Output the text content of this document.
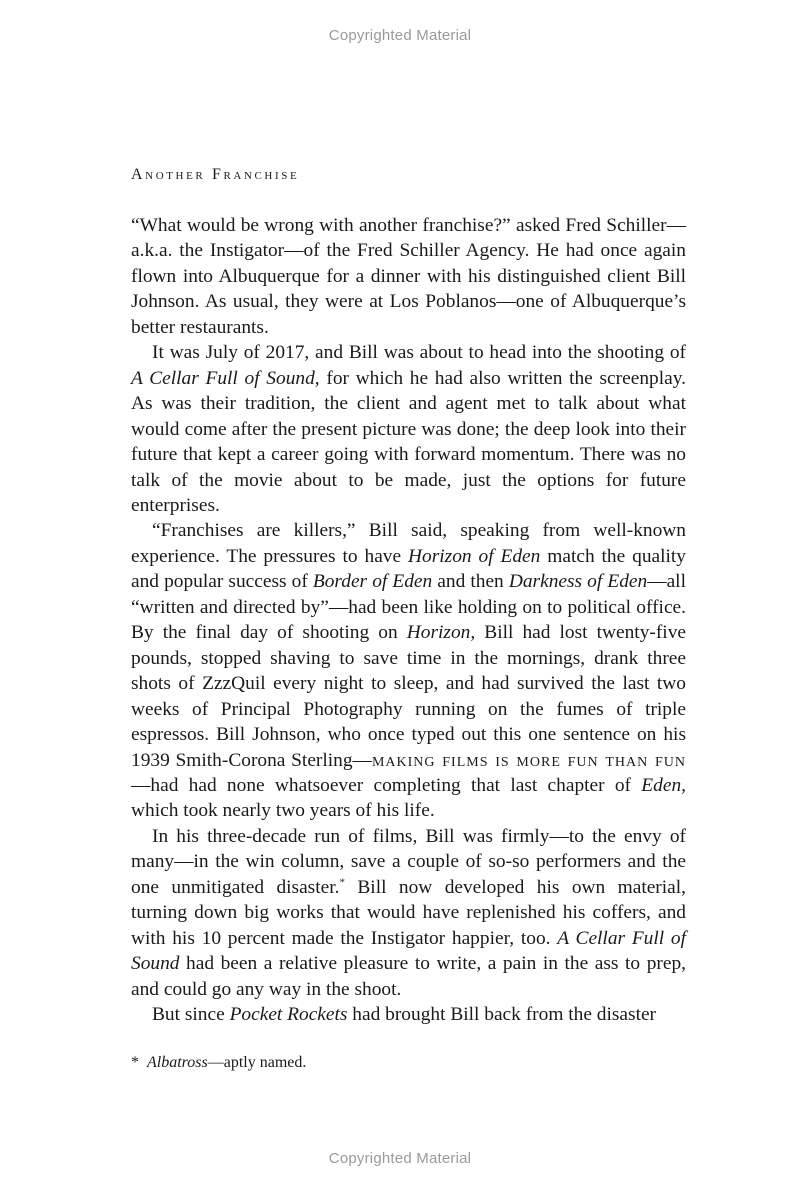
Copyrighted Material
Another Franchise

“What would be wrong with another franchise?” asked Fred Schiller—a.k.a. the Instigator—of the Fred Schiller Agency. He had once again flown into Albuquerque for a dinner with his distinguished client Bill Johnson. As usual, they were at Los Poblanos—one of Albuquerque’s better restaurants.

It was July of 2017, and Bill was about to head into the shooting of A Cellar Full of Sound, for which he had also written the screenplay. As was their tradition, the client and agent met to talk about what would come after the present picture was done; the deep look into their future that kept a career going with forward momentum. There was no talk of the movie about to be made, just the options for future enterprises.

“Franchises are killers,” Bill said, speaking from well-known experience. The pressures to have Horizon of Eden match the quality and popular success of Border of Eden and then Darkness of Eden—all “written and directed by”—had been like holding on to political office. By the final day of shooting on Horizon, Bill had lost twenty-five pounds, stopped shaving to save time in the mornings, drank three shots of ZzzQuil every night to sleep, and had survived the last two weeks of Principal Photography running on the fumes of triple espressos. Bill Johnson, who once typed out this one sentence on his 1939 Smith-Corona Sterling—making films is more fun than fun—had had none whatsoever completing that last chapter of Eden, which took nearly two years of his life.

In his three-decade run of films, Bill was firmly—to the envy of many—in the win column, save a couple of so-so performers and the one unmitigated disaster.* Bill now developed his own material, turning down big works that would have replenished his coffers, and with his 10 percent made the Instigator happier, too. A Cellar Full of Sound had been a relative pleasure to write, a pain in the ass to prep, and could go any way in the shoot.

But since Pocket Rockets had brought Bill back from the disaster

* Albatross—aptly named.
Copyrighted Material
